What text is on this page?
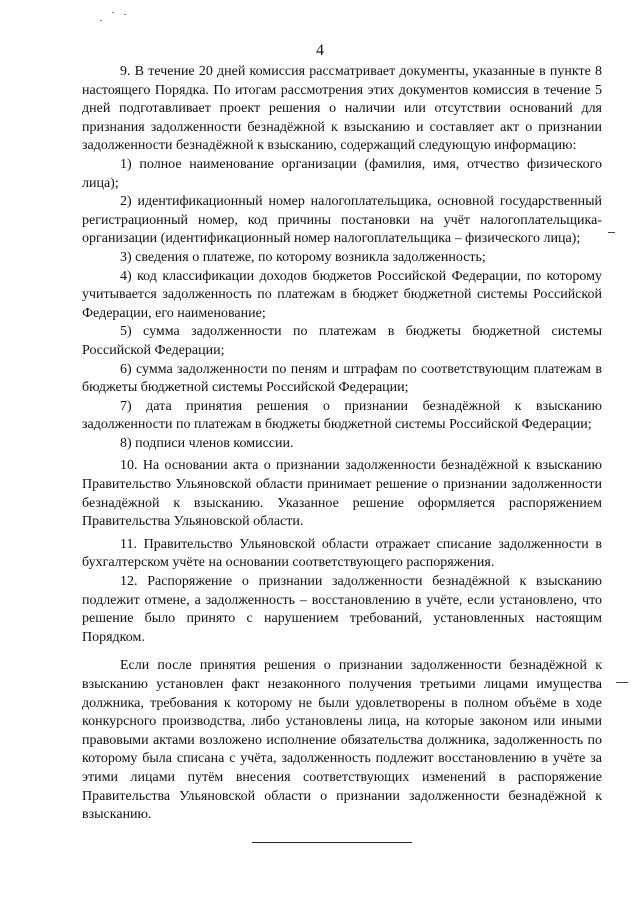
4

9. В течение 20 дней комиссия рассматривает документы, указанные в пункте 8 настоящего Порядка. По итогам рассмотрения этих документов комиссия в течение 5 дней подготавливает проект решения о наличии или отсутствии оснований для признания задолженности безнадёжной к взысканию и составляет акт о признании задолженности безнадёжной к взысканию, содержащий следующую информацию:

1) полное наименование организации (фамилия, имя, отчество физического лица);

2) идентификационный номер налогоплательщика, основной государственный регистрационный номер, код причины постановки на учёт налогоплательщика-организации (идентификационный номер налогоплательщика – физического лица);

3) сведения о платеже, по которому возникла задолженность;

4) код классификации доходов бюджетов Российской Федерации, по которому учитывается задолженность по платежам в бюджет бюджетной системы Российской Федерации, его наименование;

5) сумма задолженности по платежам в бюджеты бюджетной системы Российской Федерации;

6) сумма задолженности по пеням и штрафам по соответствующим платежам в бюджеты бюджетной системы Российской Федерации;

7) дата принятия решения о признании безнадёжной к взысканию задолженности по платежам в бюджеты бюджетной системы Российской Федерации;

8) подписи членов комиссии.

10. На основании акта о признании задолженности безнадёжной к взысканию Правительство Ульяновской области принимает решение о признании задолженности безнадёжной к взысканию. Указанное решение оформляется распоряжением Правительства Ульяновской области.

11. Правительство Ульяновской области отражает списание задолженности в бухгалтерском учёте на основании соответствующего распоряжения.

12. Распоряжение о признании задолженности безнадёжной к взысканию подлежит отмене, а задолженность – восстановлению в учёте, если установлено, что решение было принято с нарушением требований, установленных настоящим Порядком.

Если после принятия решения о признании задолженности безнадёжной к взысканию установлен факт незаконного получения третьими лицами имущества должника, требования к которому не были удовлетворены в полном объёме в ходе конкурсного производства, либо установлены лица, на которые законом или иными правовыми актами возложено исполнение обязательства должника, задолженность по которому была списана с учёта, задолженность подлежит восстановлению в учёте за этими лицами путём внесения соответствующих изменений в распоряжение Правительства Ульяновской области о признании задолженности безнадёжной к взысканию.
